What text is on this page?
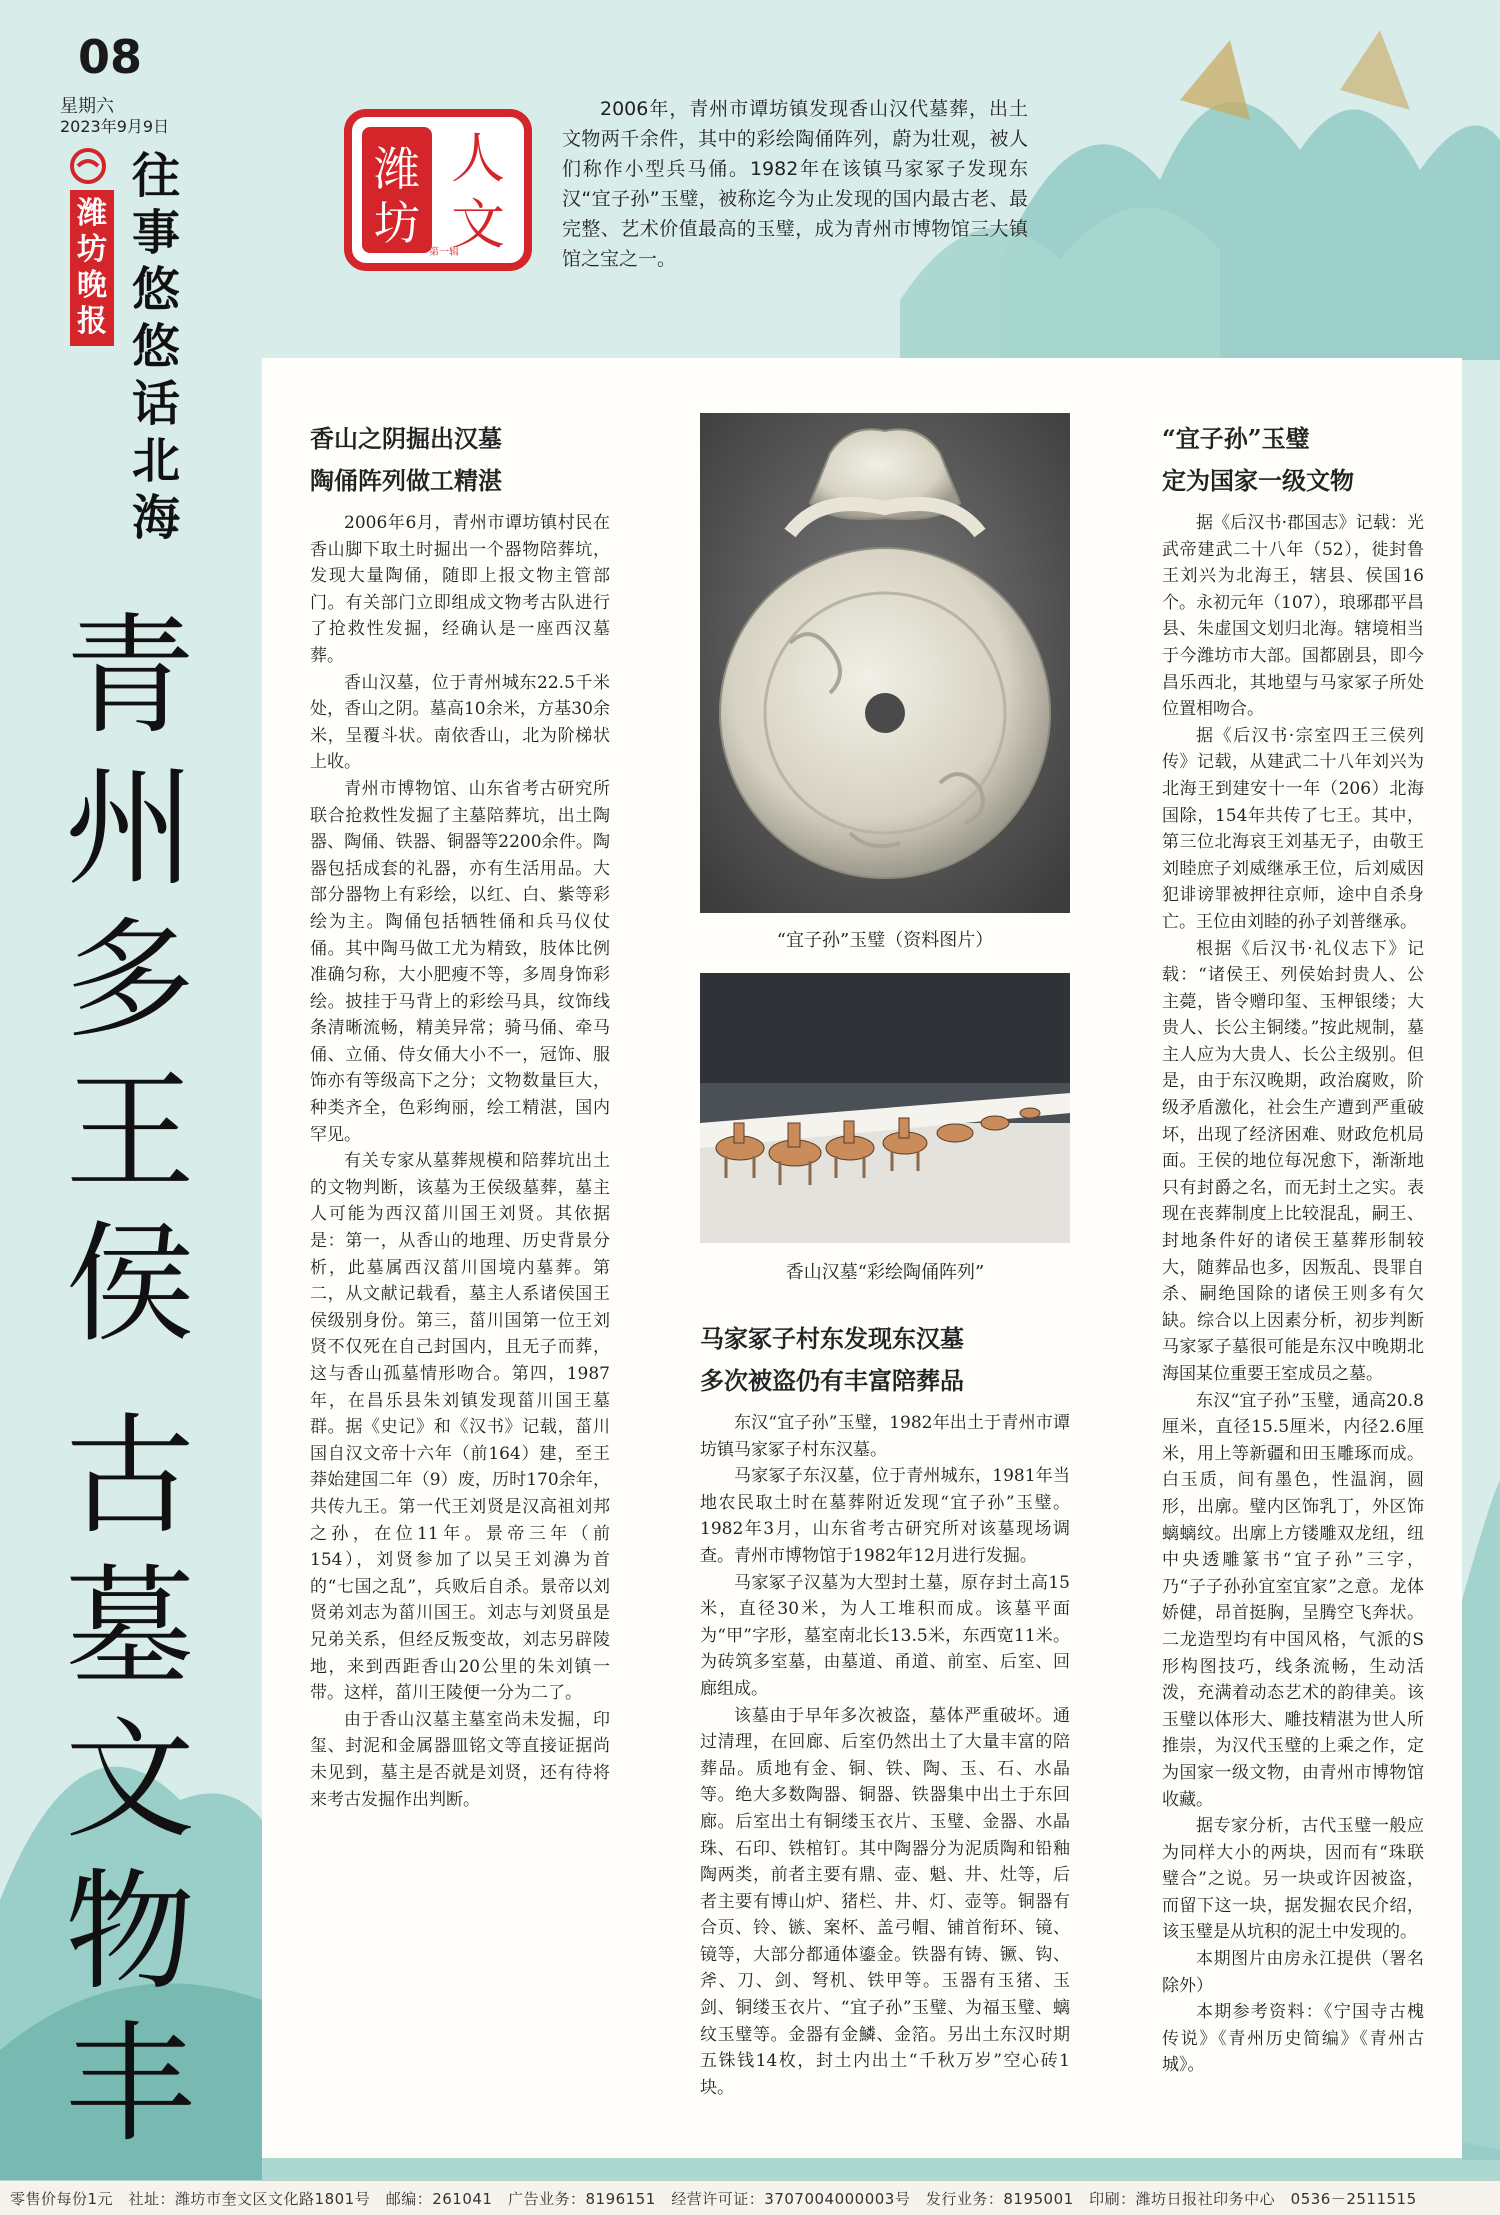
08
星期六
2023年9月9日
潍
坊
晚
报
往
事
悠
悠
话
北
海
青
州
多
王
侯
古
墓
文
物
丰
潍
坊
人
文
第一辑
2006年，青州市谭坊镇发现香山汉代墓葬，出土文物两千余件，其中的彩绘陶俑阵列，蔚为壮观，被人们称作小型兵马俑。1982年在该镇马家冢子发现东汉“宜子孙”玉璧，被称迄今为止发现的国内最古老、最完整、艺术价值最高的玉璧，成为青州市博物馆三大镇馆之宝之一。
香山之阴掘出汉墓
陶俑阵列做工精湛

2006年6月，青州市谭坊镇村民在香山脚下取土时掘出一个器物陪葬坑，发现大量陶俑，随即上报文物主管部门。有关部门立即组成文物考古队进行了抢救性发掘，经确认是一座西汉墓葬。

香山汉墓，位于青州城东22.5千米处，香山之阴。墓高10余米，方基30余米，呈覆斗状。南依香山，北为阶梯状上收。

青州市博物馆、山东省考古研究所联合抢救性发掘了主墓陪葬坑，出土陶器、陶俑、铁器、铜器等2200余件。陶器包括成套的礼器，亦有生活用品。大部分器物上有彩绘，以红、白、紫等彩绘为主。陶俑包括牺牲俑和兵马仪仗俑。其中陶马做工尤为精致，肢体比例准确匀称，大小肥瘦不等，多周身饰彩绘。披挂于马背上的彩绘马具，纹饰线条清晰流畅，精美异常；骑马俑、牵马俑、立俑、侍女俑大小不一，冠饰、服饰亦有等级高下之分；文物数量巨大，种类齐全，色彩绚丽，绘工精湛，国内罕见。

有关专家从墓葬规模和陪葬坑出土的文物判断，该墓为王侯级墓葬，墓主人可能为西汉菑川国王刘贤。其依据是：第一，从香山的地理、历史背景分析，此墓属西汉菑川国境内墓葬。第二，从文献记载看，墓主人系诸侯国王侯级别身份。第三，菑川国第一位王刘贤不仅死在自己封国内，且无子而葬，这与香山孤墓情形吻合。第四，1987年，在昌乐县朱刘镇发现菑川国王墓群。据《史记》和《汉书》记载，菑川国自汉文帝十六年（前164）建，至王莽始建国二年（9）废，历时170余年，共传九王。第一代王刘贤是汉高祖刘邦之孙，在位11年。景帝三年（前154），刘贤参加了以吴王刘濞为首的“七国之乱”，兵败后自杀。景帝以刘贤弟刘志为菑川国王。刘志与刘贤虽是兄弟关系，但经反叛变故，刘志另辟陵地，来到西距香山20公里的朱刘镇一带。这样，菑川王陵便一分为二了。

由于香山汉墓主墓室尚未发掘，印玺、封泥和金属器皿铭文等直接证据尚未见到，墓主是否就是刘贤，还有待将来考古发掘作出判断。

“宜子孙”玉璧（资料图片）
香山汉墓“彩绘陶俑阵列”
马家冢子村东发现东汉墓
多次被盗仍有丰富陪葬品

东汉“宜子孙”玉璧，1982年出土于青州市谭坊镇马家冢子村东汉墓。

马家冢子东汉墓，位于青州城东，1981年当地农民取土时在墓葬附近发现“宜子孙”玉璧。1982年3月，山东省考古研究所对该墓现场调查。青州市博物馆于1982年12月进行发掘。

马家冢子汉墓为大型封土墓，原存封土高15米，直径30米，为人工堆积而成。该墓平面为“甲”字形，墓室南北长13.5米，东西宽11米。为砖筑多室墓，由墓道、甬道、前室、后室、回廊组成。

该墓由于早年多次被盗，墓体严重破坏。通过清理，在回廊、后室仍然出土了大量丰富的陪葬品。质地有金、铜、铁、陶、玉、石、水晶等。绝大多数陶器、铜器、铁器集中出土于东回廊。后室出土有铜缕玉衣片、玉璧、金器、水晶珠、石印、铁棺钉。其中陶器分为泥质陶和铅釉陶两类，前者主要有鼎、壶、魁、井、灶等，后者主要有博山炉、猪栏、井、灯、壶等。铜器有合页、铃、镞、案杯、盖弓帽、铺首衔环、镜、镜等，大部分都通体鎏金。铁器有铸、镢、钩、斧、刀、剑、弩机、铁甲等。玉器有玉猪、玉剑、铜缕玉衣片、“宜子孙”玉璧、为福玉璧、螭纹玉璧等。金器有金鱗、金箔。另出土东汉时期五铢钱14枚，封土内出土“千秋万岁”空心砖1块。

“宜子孙”玉璧
定为国家一级文物

据《后汉书·郡国志》记载：光武帝建武二十八年（52），徙封鲁王刘兴为北海王，辖县、侯国16个。永初元年（107），琅琊郡平昌县、朱虚国文划归北海。辖境相当于今潍坊市大部。国都剧县，即今昌乐西北，其地望与马家冢子所处位置相吻合。

据《后汉书·宗室四王三侯列传》记载，从建武二十八年刘兴为北海王到建安十一年（206）北海国除，154年共传了七王。其中，第三位北海哀王刘基无子，由敬王刘睦庶子刘威继承王位，后刘威因犯诽谤罪被押往京师，途中自杀身亡。王位由刘睦的孙子刘普继承。

根据《后汉书·礼仪志下》记载：“诸侯王、列侯始封贵人、公主薨，皆令赠印玺、玉柙银缕；大贵人、长公主铜缕。”按此规制，墓主人应为大贵人、长公主级别。但是，由于东汉晚期，政治腐败，阶级矛盾激化，社会生产遭到严重破坏，出现了经济困难、财政危机局面。王侯的地位每况愈下，渐渐地只有封爵之名，而无封土之实。表现在丧葬制度上比较混乱，嗣王、封地条件好的诸侯王墓葬形制较大，随葬品也多，因叛乱、畏罪自杀、嗣绝国除的诸侯王则多有欠缺。综合以上因素分析，初步判断马家冢子墓很可能是东汉中晚期北海国某位重要王室成员之墓。

东汉“宜子孙”玉璧，通高20.8厘米，直径15.5厘米，内径2.6厘米，用上等新疆和田玉雕琢而成。白玉质，间有墨色，性温润，圆形，出廓。璧内区饰乳丁，外区饰螭螭纹。出廓上方镂雕双龙纽，纽中央透雕篆书“宜子孙”三字，乃“子子孙孙宜室宜家”之意。龙体娇健，昂首挺胸，呈腾空飞奔状。二龙造型均有中国风格，气派的S形构图技巧，线条流畅，生动活泼，充满着动态艺术的韵律美。该玉璧以体形大、雕技精湛为世人所推崇，为汉代玉璧的上乘之作，定为国家一级文物，由青州市博物馆收藏。

据专家分析，古代玉璧一般应为同样大小的两块，因而有“珠联璧合”之说。另一块或许因被盗，而留下这一块，据发掘农民介绍，该玉璧是从坑积的泥土中发现的。

本期图片由房永江提供（署名除外）

本期参考资料：《宁国寺古槐传说》《青州历史简编》《青州古城》。

零售价每份1元　社址：潍坊市奎文区文化路1801号　邮编：261041　广告业务：8196151　经营许可证：3707004000003号　发行业务：8195001　印刷：潍坊日报社印务中心　0536－2511515
